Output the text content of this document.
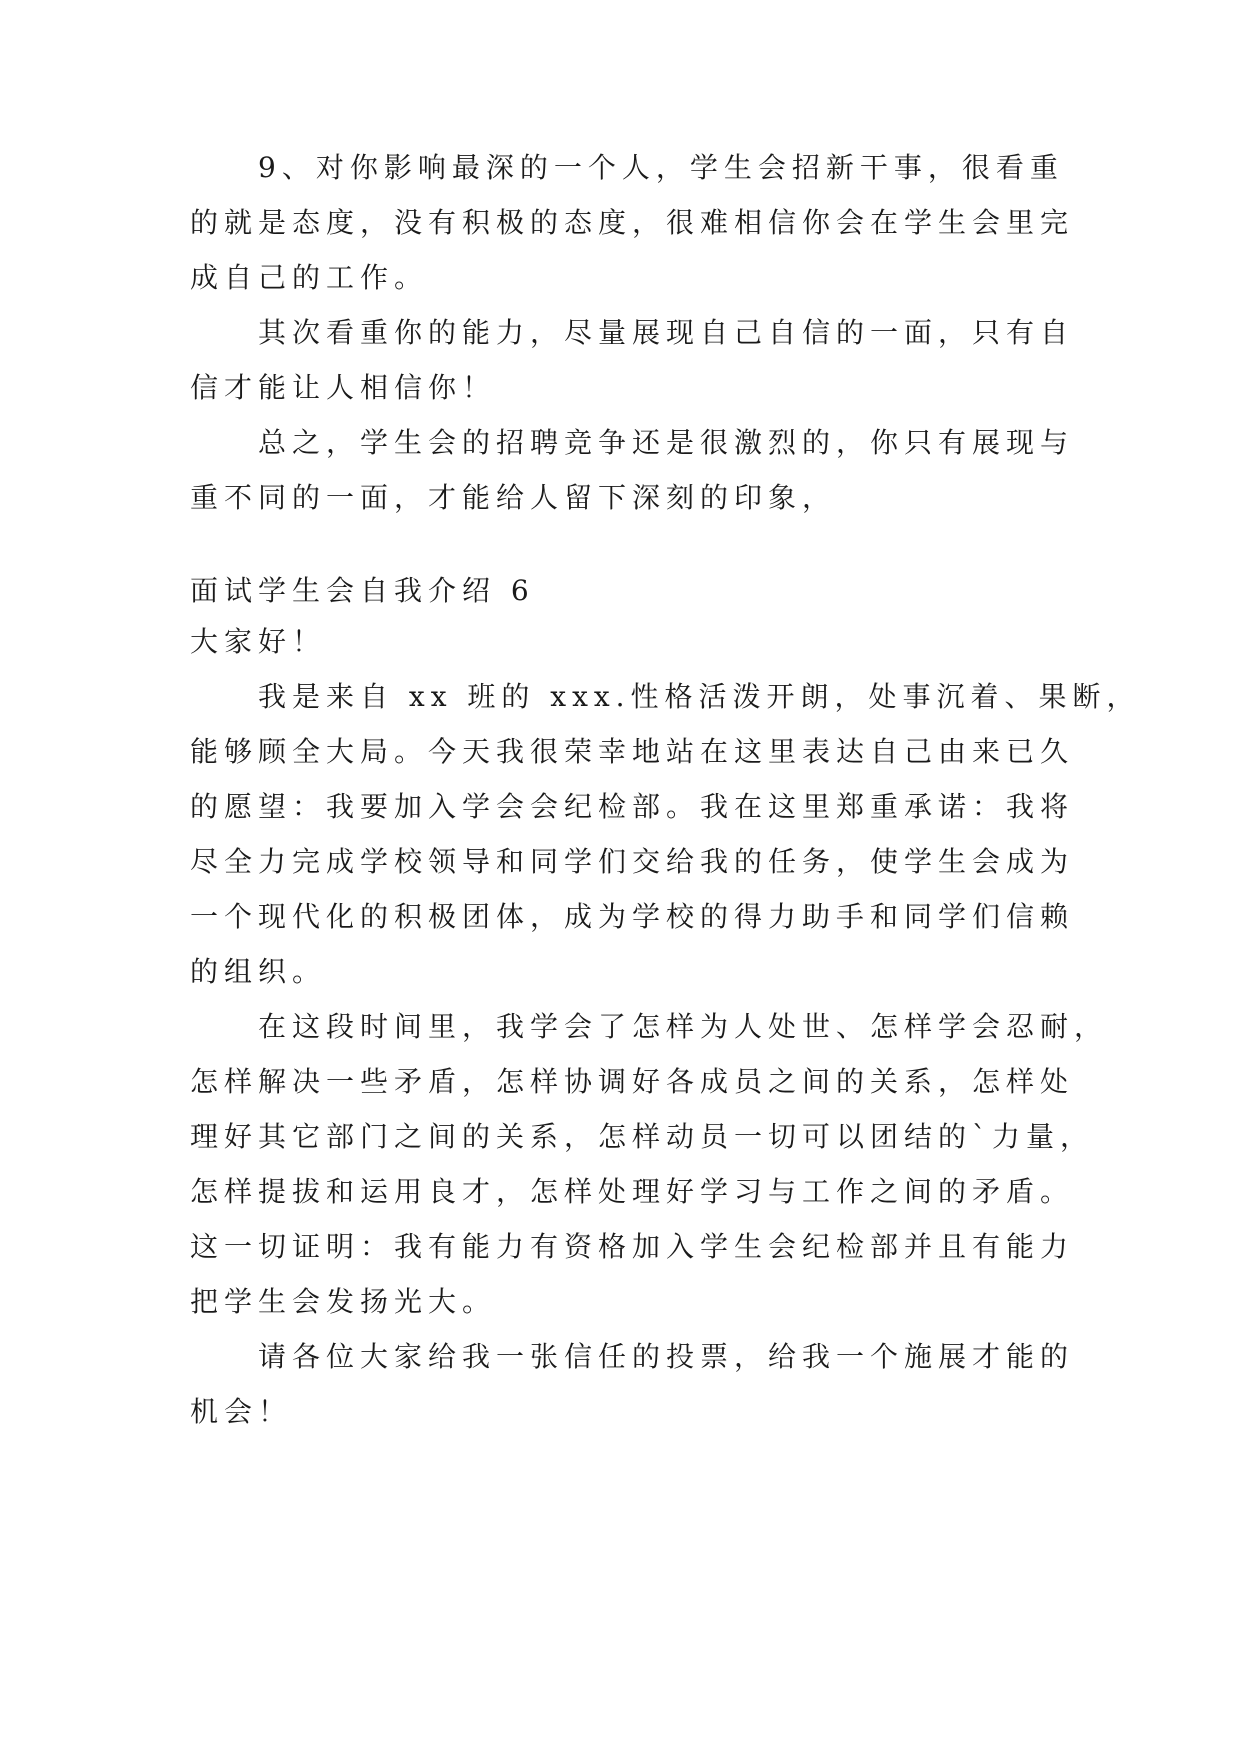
9、对你影响最深的一个人，学生会招新干事，很看重
的就是态度，没有积极的态度，很难相信你会在学生会里完
成自己的工作。
其次看重你的能力，尽量展现自己自信的一面，只有自
信才能让人相信你！
总之，学生会的招聘竞争还是很激烈的，你只有展现与
重不同的一面，才能给人留下深刻的印象，
面试学生会自我介绍 6
大家好！
我是来自 xx 班的 xxx.性格活泼开朗，处事沉着、果断，
能够顾全大局。今天我很荣幸地站在这里表达自己由来已久
的愿望：我要加入学会会纪检部。我在这里郑重承诺：我将
尽全力完成学校领导和同学们交给我的任务，使学生会成为
一个现代化的积极团体，成为学校的得力助手和同学们信赖
的组织。
在这段时间里，我学会了怎样为人处世、怎样学会忍耐，
怎样解决一些矛盾，怎样协调好各成员之间的关系，怎样处
理好其它部门之间的关系，怎样动员一切可以团结的`力量，
怎样提拔和运用良才，怎样处理好学习与工作之间的矛盾。
这一切证明：我有能力有资格加入学生会纪检部并且有能力
把学生会发扬光大。
请各位大家给我一张信任的投票，给我一个施展才能的
机会！
